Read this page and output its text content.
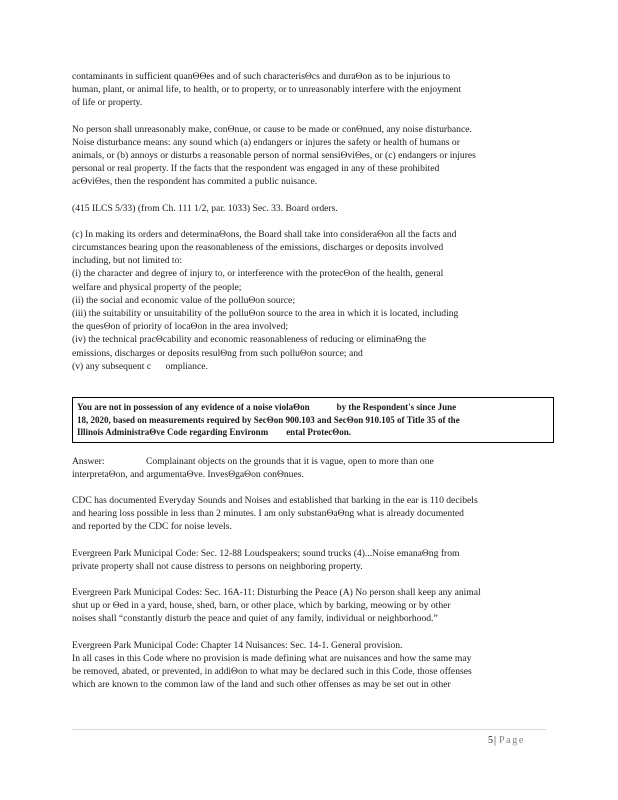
contaminants in sufficient quanΘΘes and of such characterisΘcs and duraΘon as to be injurious to
human, plant, or animal life, to health, or to property, or to unreasonably interfere with the enjoyment
of life or property.

No person shall unreasonably make, conΘnue, or cause to be made or conΘnued, any noise disturbance.
Noise disturbance means: any sound which (a) endangers or injures the safety or health of humans or
animals, or (b) annoys or disturbs a reasonable person of normal sensiΘviΘes, or (c) endangers or injures
personal or real property. If the facts that the respondent was engaged in any of these prohibited
acΘviΘes, then the respondent has commited a public nuisance.

(415 ILCS 5/33) (from Ch. 111 1/2, par. 1033) Sec. 33. Board orders.

(c) In making its orders and determinaΘons, the Board shall take into consideraΘon all the facts and
circumstances bearing upon the reasonableness of the emissions, discharges or deposits involved
including, but not limited to:
(i) the character and degree of injury to, or interference with the protecΘon of the health, general
welfare and physical property of the people;
(ii) the social and economic value of the polluΘon source;
(iii) the suitability or unsuitability of the polluΘon source to the area in which it is located, including
the quesΘon of priority of locaΘon in the area involved;
(iv) the technical pracΘcability and economic reasonableness of reducing or eliminaΘng the
emissions, discharges or deposits resulΘng from such polluΘon source; and
(v) any subsequent c      ompliance.

You are not in possession of any evidence of a noise violaΘon            by the Respondent's since June
18, 2020, based on measurements required by SecΘon 900.103 and SecΘon 910.105 of Title 35 of the
Illinois AdministraΘve Code regarding Environm        ental ProtecΘon.

Answer:	Complainant objects on the grounds that it is vague, open to more than one
interpretaΘon, and argumentaΘve. InvesΘgaΘon conΘnues.

CDC has documented Everyday Sounds and Noises and established that barking in the ear is 110 decibels
and hearing loss possible in less than 2 minutes. I am only substanΘaΘng what is already documented
and reported by the CDC for noise levels.

Evergreen Park Municipal Code: Sec. 12-88 Loudspeakers; sound trucks (4)...Noise emanaΘng from
private property shall not cause distress to persons on neighboring property.

Evergreen Park Municipal Codes: Sec. 16A-11: Disturbing the Peace (A) No person shall keep any animal
shut up or Θed in a yard, house, shed, barn, or other place, which by barking, meowing or by other
noises shall “constantly disturb the peace and quiet of any family, individual or neighborhood.”

Evergreen Park Municipal Code: Chapter 14 Nuisances: Sec. 14-1. General provision.
In all cases in this Code where no provision is made defining what are nuisances and how the same may
be removed, abated, or prevented, in addiΘon to what may be declared such in this Code, those offenses
which are known to the common law of the land and such other offenses as may be set out in other

5| Page
